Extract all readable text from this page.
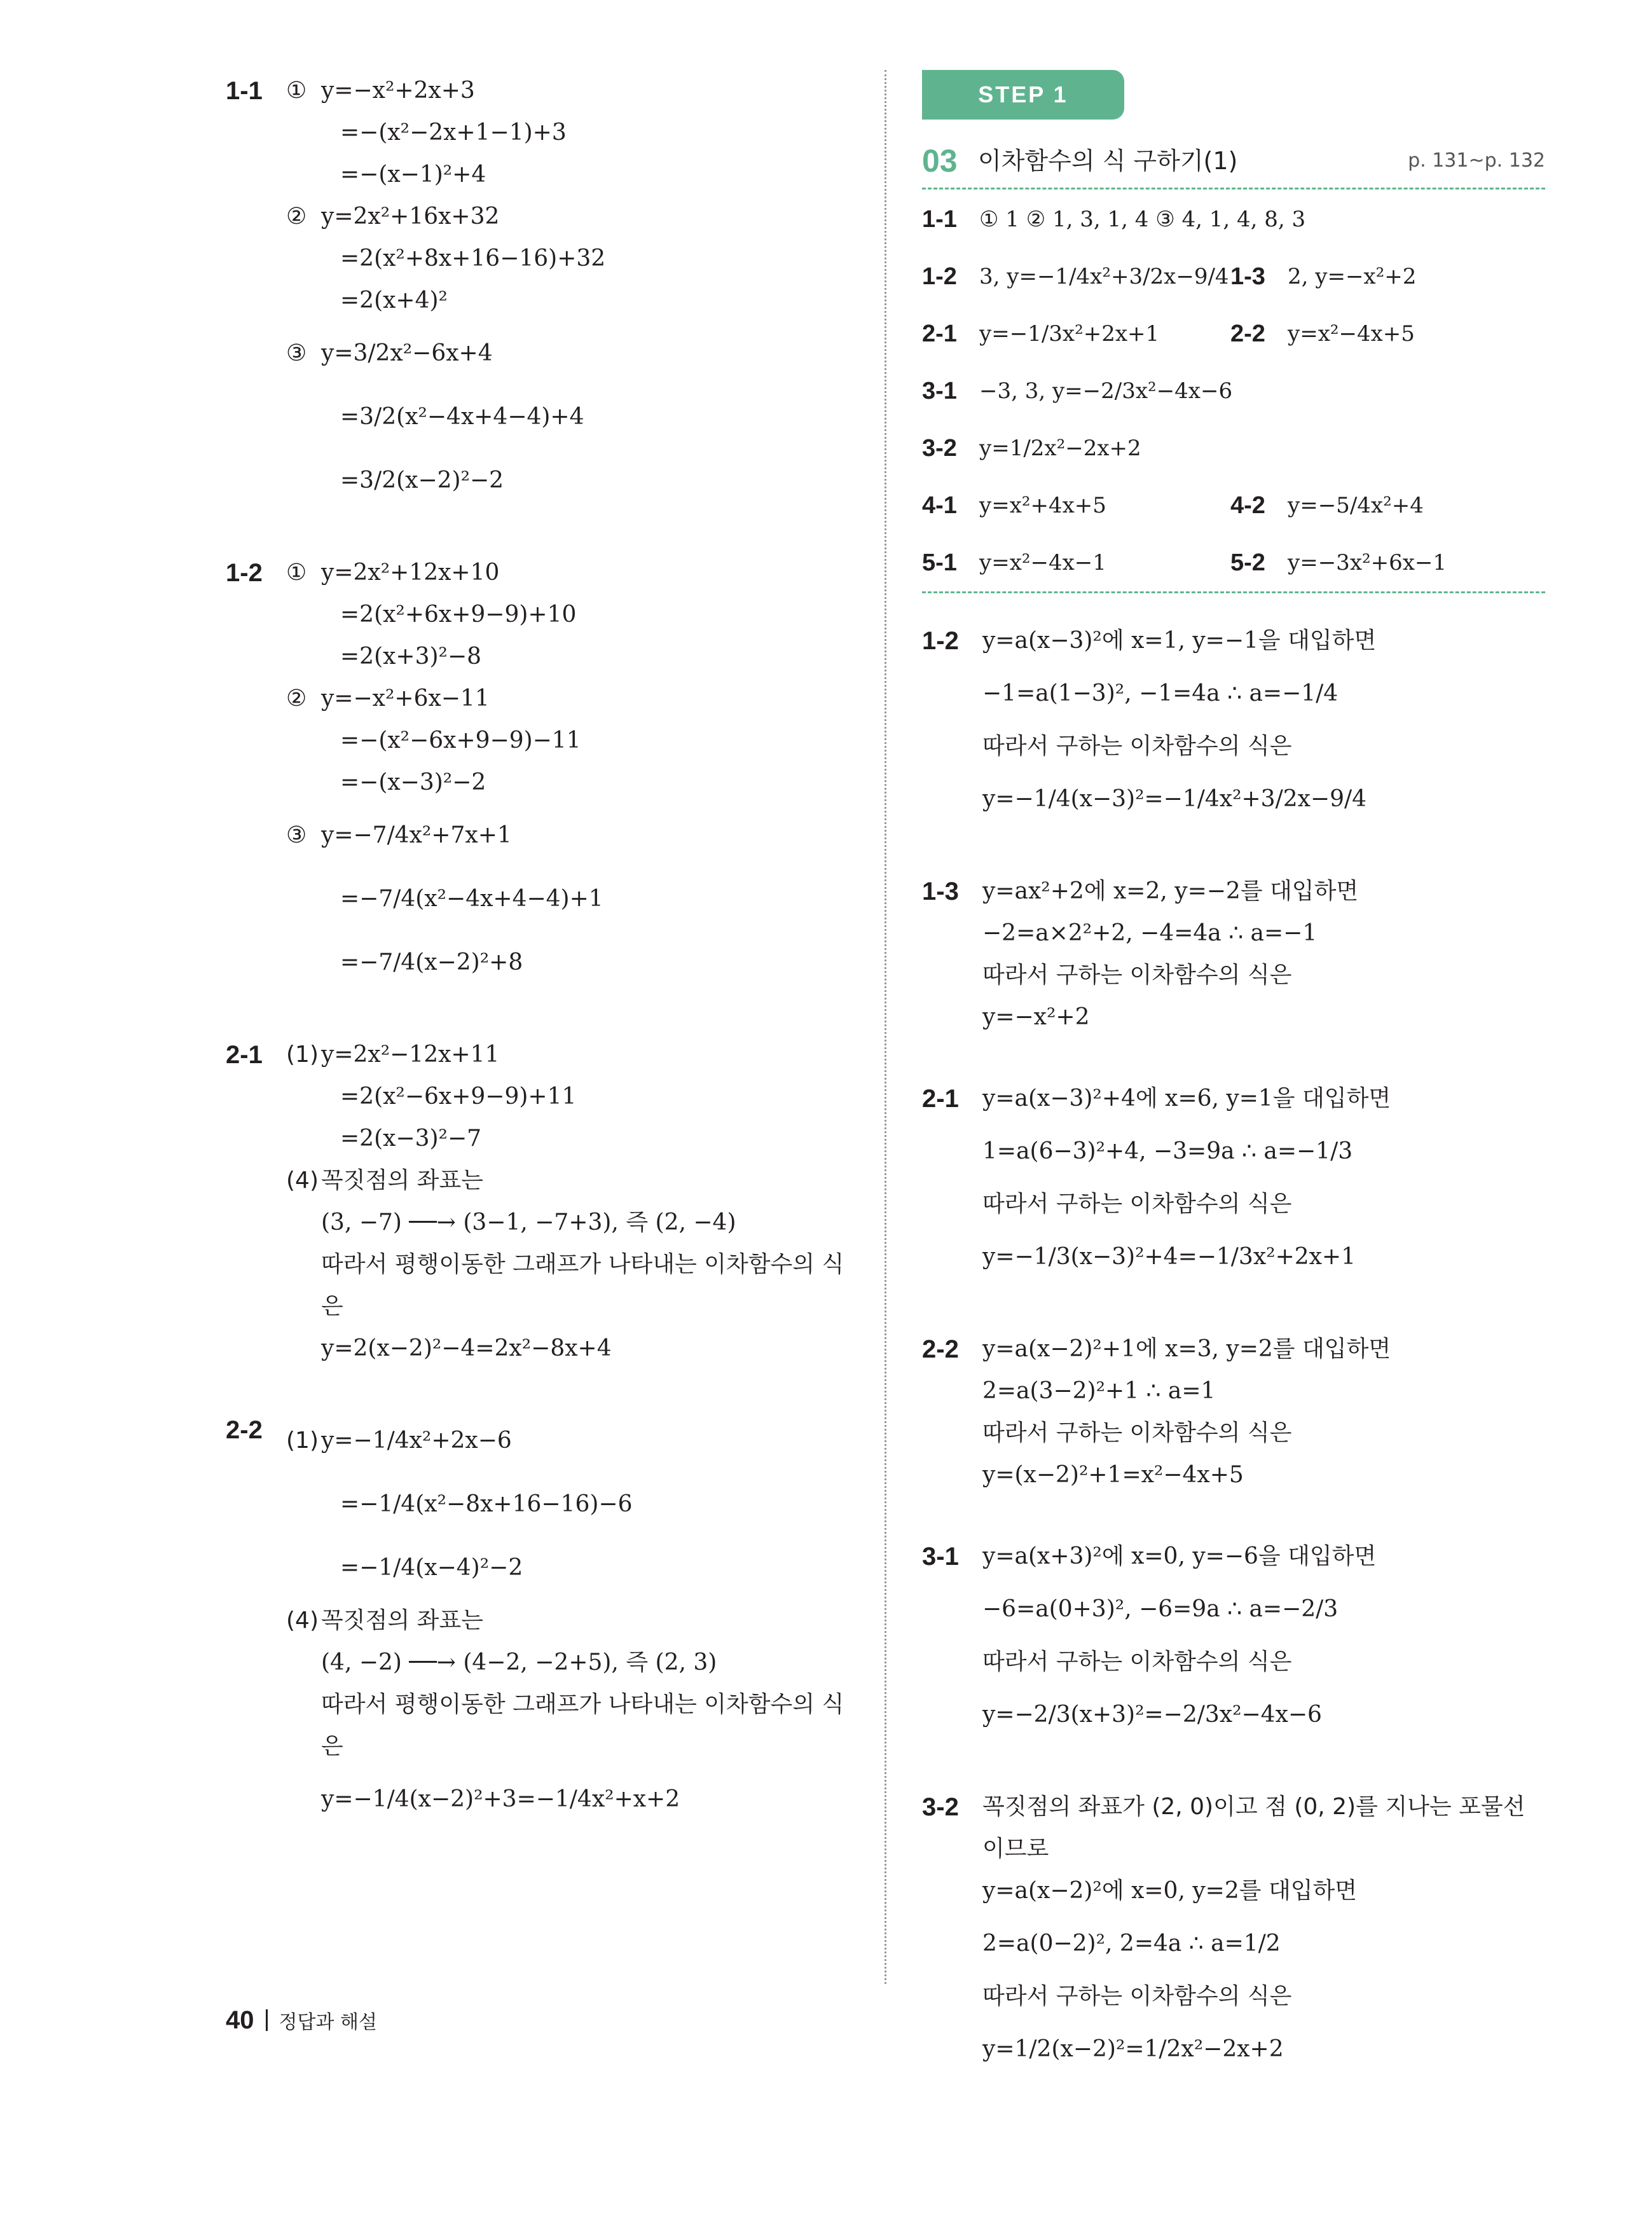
1-1 ① y=−x²+2x+3
=−(x²−2x+1−1)+3
=−(x−1)²+4
② y=2x²+16x+32
=2(x²+8x+16−16)+32
=2(x+4)²
③ y=3/2x²−6x+4
=3/2(x²−4x+4−4)+4
=3/2(x−2)²−2
1-2 ① y=2x²+12x+10
=2(x²+6x+9−9)+10
=2(x+3)²−8
② y=−x²+6x−11
=−(x²−6x+9−9)−11
=−(x−3)²−2
③ y=−7/4x²+7x+1
=−7/4(x²−4x+4−4)+1
=−7/4(x−2)²+8
2-1 (1) y=2x²−12x+11
=2(x²−6x+9−9)+11
=2(x−3)²−7
(4) 꼭짓점의 좌표는
(3, −7) ──→ (3−1, −7+3), 즉 (2, −4)
따라서 평행이동한 그래프가 나타내는 이차함수의 식
은
y=2(x−2)²−4=2x²−8x+4
2-2 (1) y=−1/4x²+2x−6
=−1/4(x²−8x+16−16)−6
=−1/4(x−4)²−2
(4) 꼭짓점의 좌표는
(4, −2) ──→ (4−2, −2+5), 즉 (2, 3)
따라서 평행이동한 그래프가 나타내는 이차함수의 식
은
y=−1/4(x−2)²+3=−1/4x²+x+2
STEP 1
03 이차함수의 식 구하기(1)	p. 131~p. 132
1-1 ① 1 ② 1, 3, 1, 4 ③ 4, 1, 4, 8, 3
1-2 3, y=−1/4x²+3/2x−9/4 1-3 2, y=−x²+2
2-1 y=−1/3x²+2x+1	2-2 y=x²−4x+5
3-1 −3, 3, y=−2/3x²−4x−6
3-2 y=1/2x²−2x+2
4-1 y=x²+4x+5	4-2 y=−5/4x²+4
5-1 y=x²−4x−1	5-2 y=−3x²+6x−1
1-2 y=a(x−3)²에 x=1, y=−1을 대입하면
−1=a(1−3)², −1=4a ∴ a=−1/4
따라서 구하는 이차함수의 식은
y=−1/4(x−3)²=−1/4x²+3/2x−9/4
1-3 y=ax²+2에 x=2, y=−2를 대입하면
−2=a×2²+2, −4=4a ∴ a=−1
따라서 구하는 이차함수의 식은
y=−x²+2
2-1 y=a(x−3)²+4에 x=6, y=1을 대입하면
1=a(6−3)²+4, −3=9a ∴ a=−1/3
따라서 구하는 이차함수의 식은
y=−1/3(x−3)²+4=−1/3x²+2x+1
2-2 y=a(x−2)²+1에 x=3, y=2를 대입하면
2=a(3−2)²+1 ∴ a=1
따라서 구하는 이차함수의 식은
y=(x−2)²+1=x²−4x+5
3-1 y=a(x+3)²에 x=0, y=−6을 대입하면
−6=a(0+3)², −6=9a ∴ a=−2/3
따라서 구하는 이차함수의 식은
y=−2/3(x+3)²=−2/3x²−4x−6
3-2 꼭짓점의 좌표가 (2, 0)이고 점 (0, 2)를 지나는 포물선
이므로
y=a(x−2)²에 x=0, y=2를 대입하면
2=a(0−2)², 2=4a ∴ a=1/2
따라서 구하는 이차함수의 식은
y=1/2(x−2)²=1/2x²−2x+2
40 정답과 해설
